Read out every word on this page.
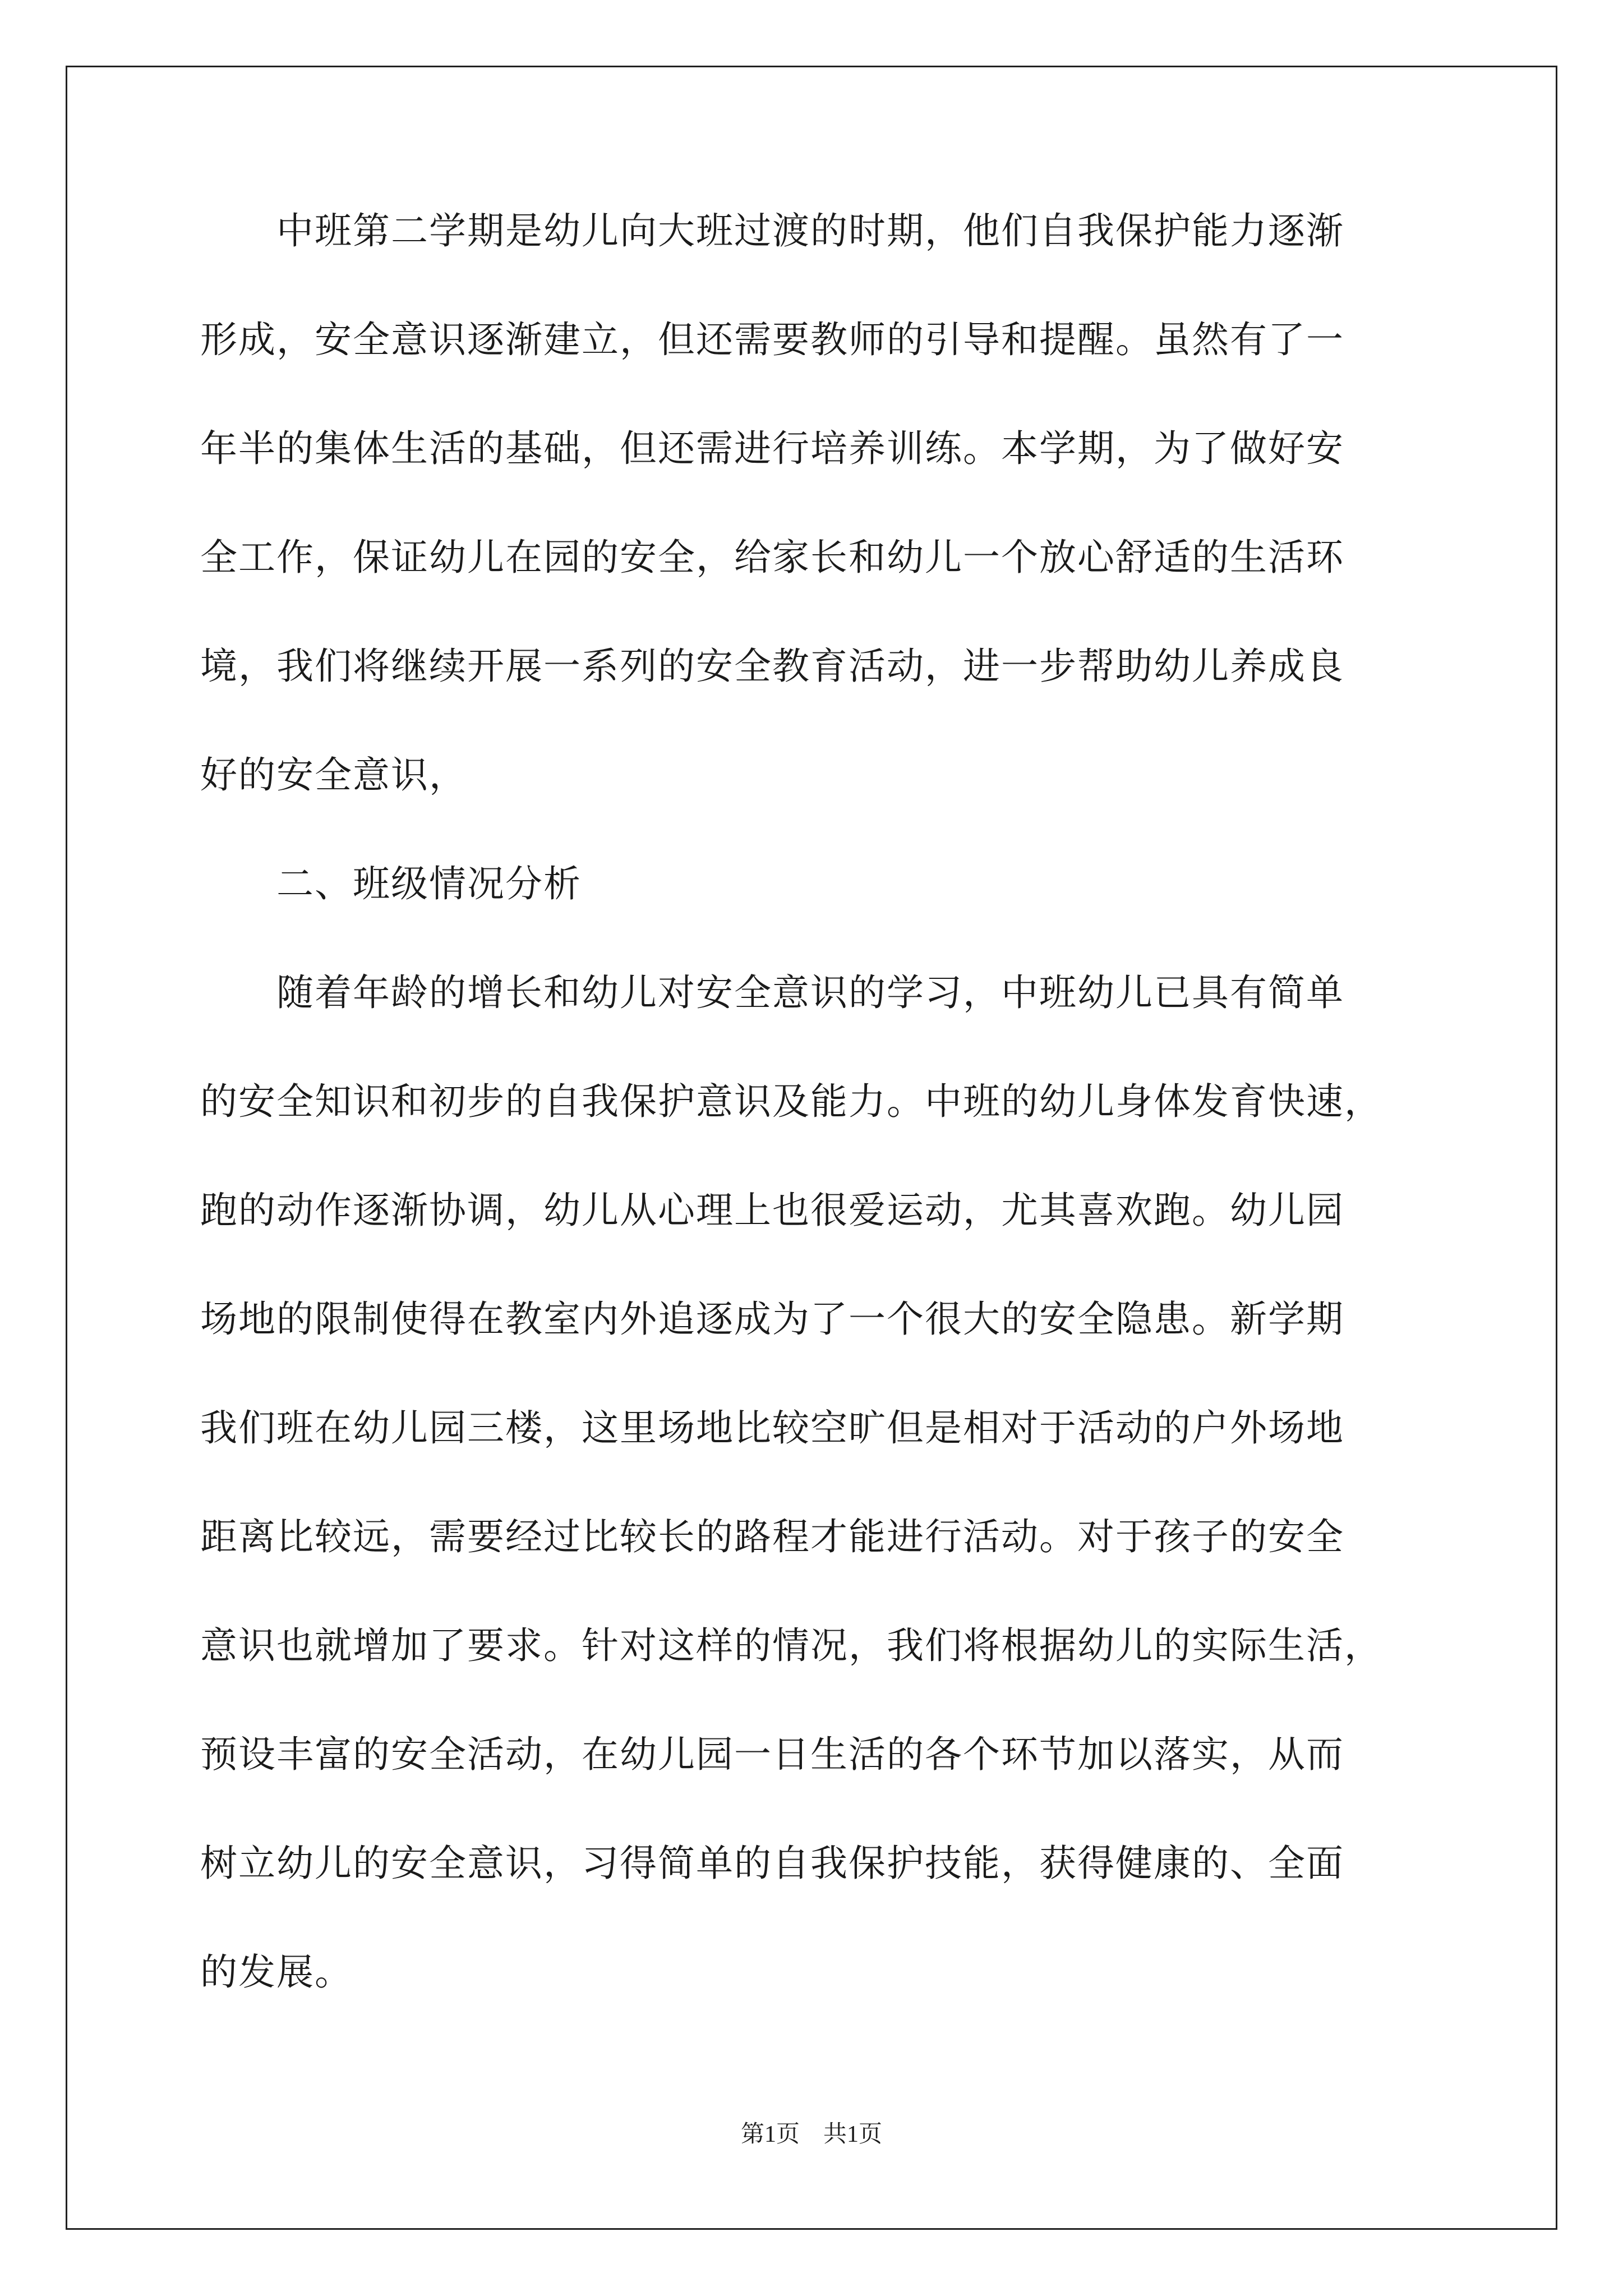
　　中班第二学期是幼儿向大班过渡的时期，他们自我保护能力逐渐
形成，安全意识逐渐建立，但还需要教师的引导和提醒。虽然有了一
年半的集体生活的基础，但还需进行培养训练。本学期，为了做好安
全工作，保证幼儿在园的安全，给家长和幼儿一个放心舒适的生活环
境，我们将继续开展一系列的安全教育活动，进一步帮助幼儿养成良
好的安全意识，
　　二、班级情况分析
　　随着年龄的增长和幼儿对安全意识的学习，中班幼儿已具有简单
的安全知识和初步的自我保护意识及能力。中班的幼儿身体发育快速，
跑的动作逐渐协调，幼儿从心理上也很爱运动，尤其喜欢跑。幼儿园
场地的限制使得在教室内外追逐成为了一个很大的安全隐患。新学期
我们班在幼儿园三楼，这里场地比较空旷但是相对于活动的户外场地
距离比较远，需要经过比较长的路程才能进行活动。对于孩子的安全
意识也就增加了要求。针对这样的情况，我们将根据幼儿的实际生活，
预设丰富的安全活动，在幼儿园一日生活的各个环节加以落实，从而
树立幼儿的安全意识，习得简单的自我保护技能，获得健康的、全面
的发展。
第1页　共1页
